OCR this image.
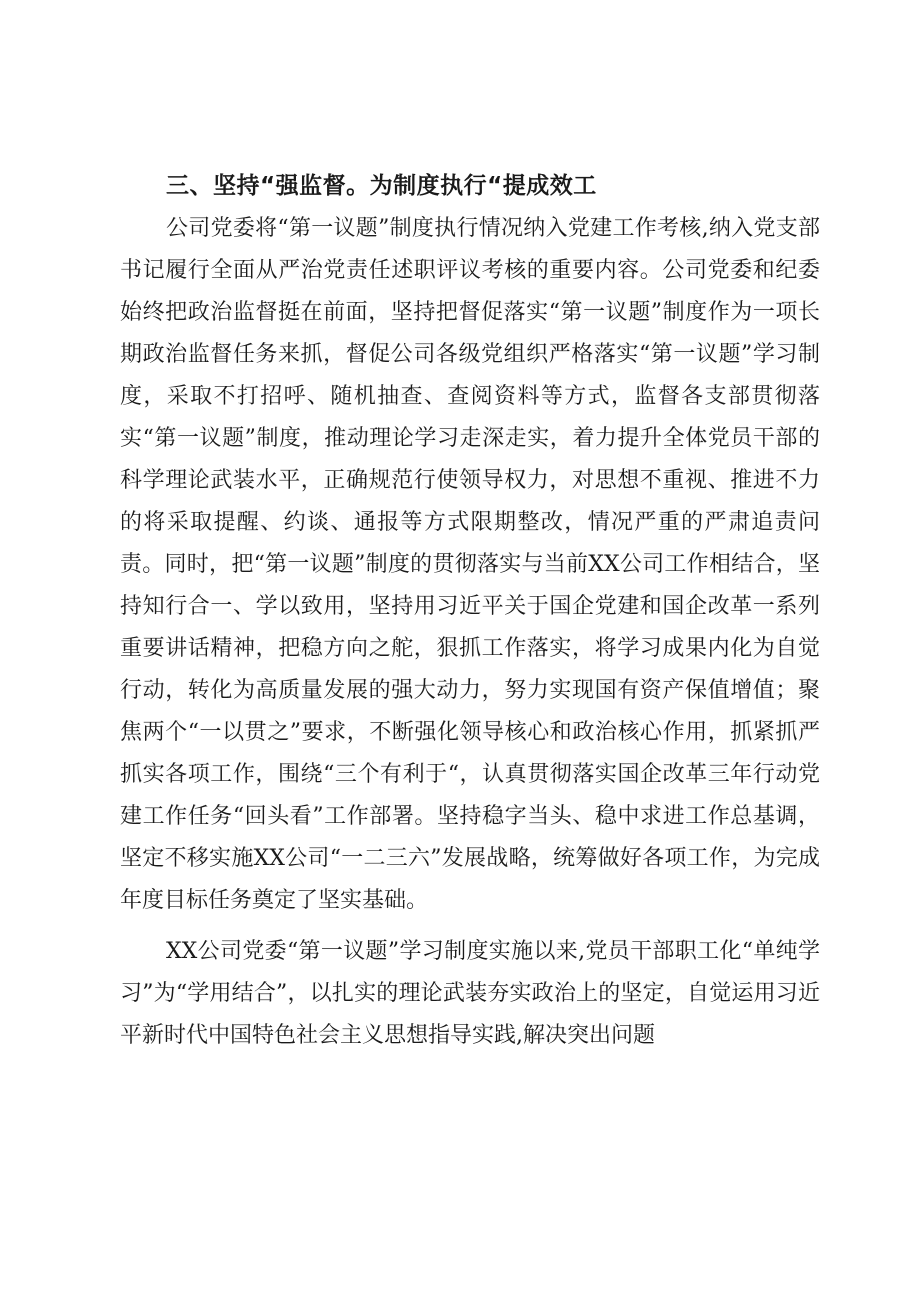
三、坚持“强监督。为制度执行“提成效工

公司党委将“第一议题”制度执行情况纳入党建工作考核,纳入党支部书记履行全面从严治党责任述职评议考核的重要内容。公司党委和纪委始终把政治监督挺在前面，坚持把督促落实“第一议题”制度作为一项长期政治监督任务来抓，督促公司各级党组织严格落实“第一议题”学习制度，采取不打招呼、随机抽查、查阅资料等方式，监督各支部贯彻落实“第一议题”制度，推动理论学习走深走实，着力提升全体党员干部的科学理论武装水平，正确规范行使领导权力，对思想不重视、推进不力的将采取提醒、约谈、通报等方式限期整改，情况严重的严肃追责问责。同时，把“第一议题”制度的贯彻落实与当前XX公司工作相结合，坚持知行合一、学以致用，坚持用习近平关于国企党建和国企改革一系列重要讲话精神，把稳方向之舵，狠抓工作落实，将学习成果内化为自觉行动，转化为高质量发展的强大动力，努力实现国有资产保值增值；聚焦两个“一以贯之”要求，不断强化领导核心和政治核心作用，抓紧抓严抓实各项工作，围绕“三个有利于“，认真贯彻落实国企改革三年行动党建工作任务“回头看”工作部署。坚持稳字当头、稳中求进工作总基调，坚定不移实施XX公司“一二三六”发展战略，统筹做好各项工作，为完成年度目标任务奠定了坚实基础。

XX公司党委“第一议题”学习制度实施以来,党员干部职工化“单纯学习”为“学用结合”，以扎实的理论武装夯实政治上的坚定，自觉运用习近平新时代中国特色社会主义思想指导实践,解决突出问题
